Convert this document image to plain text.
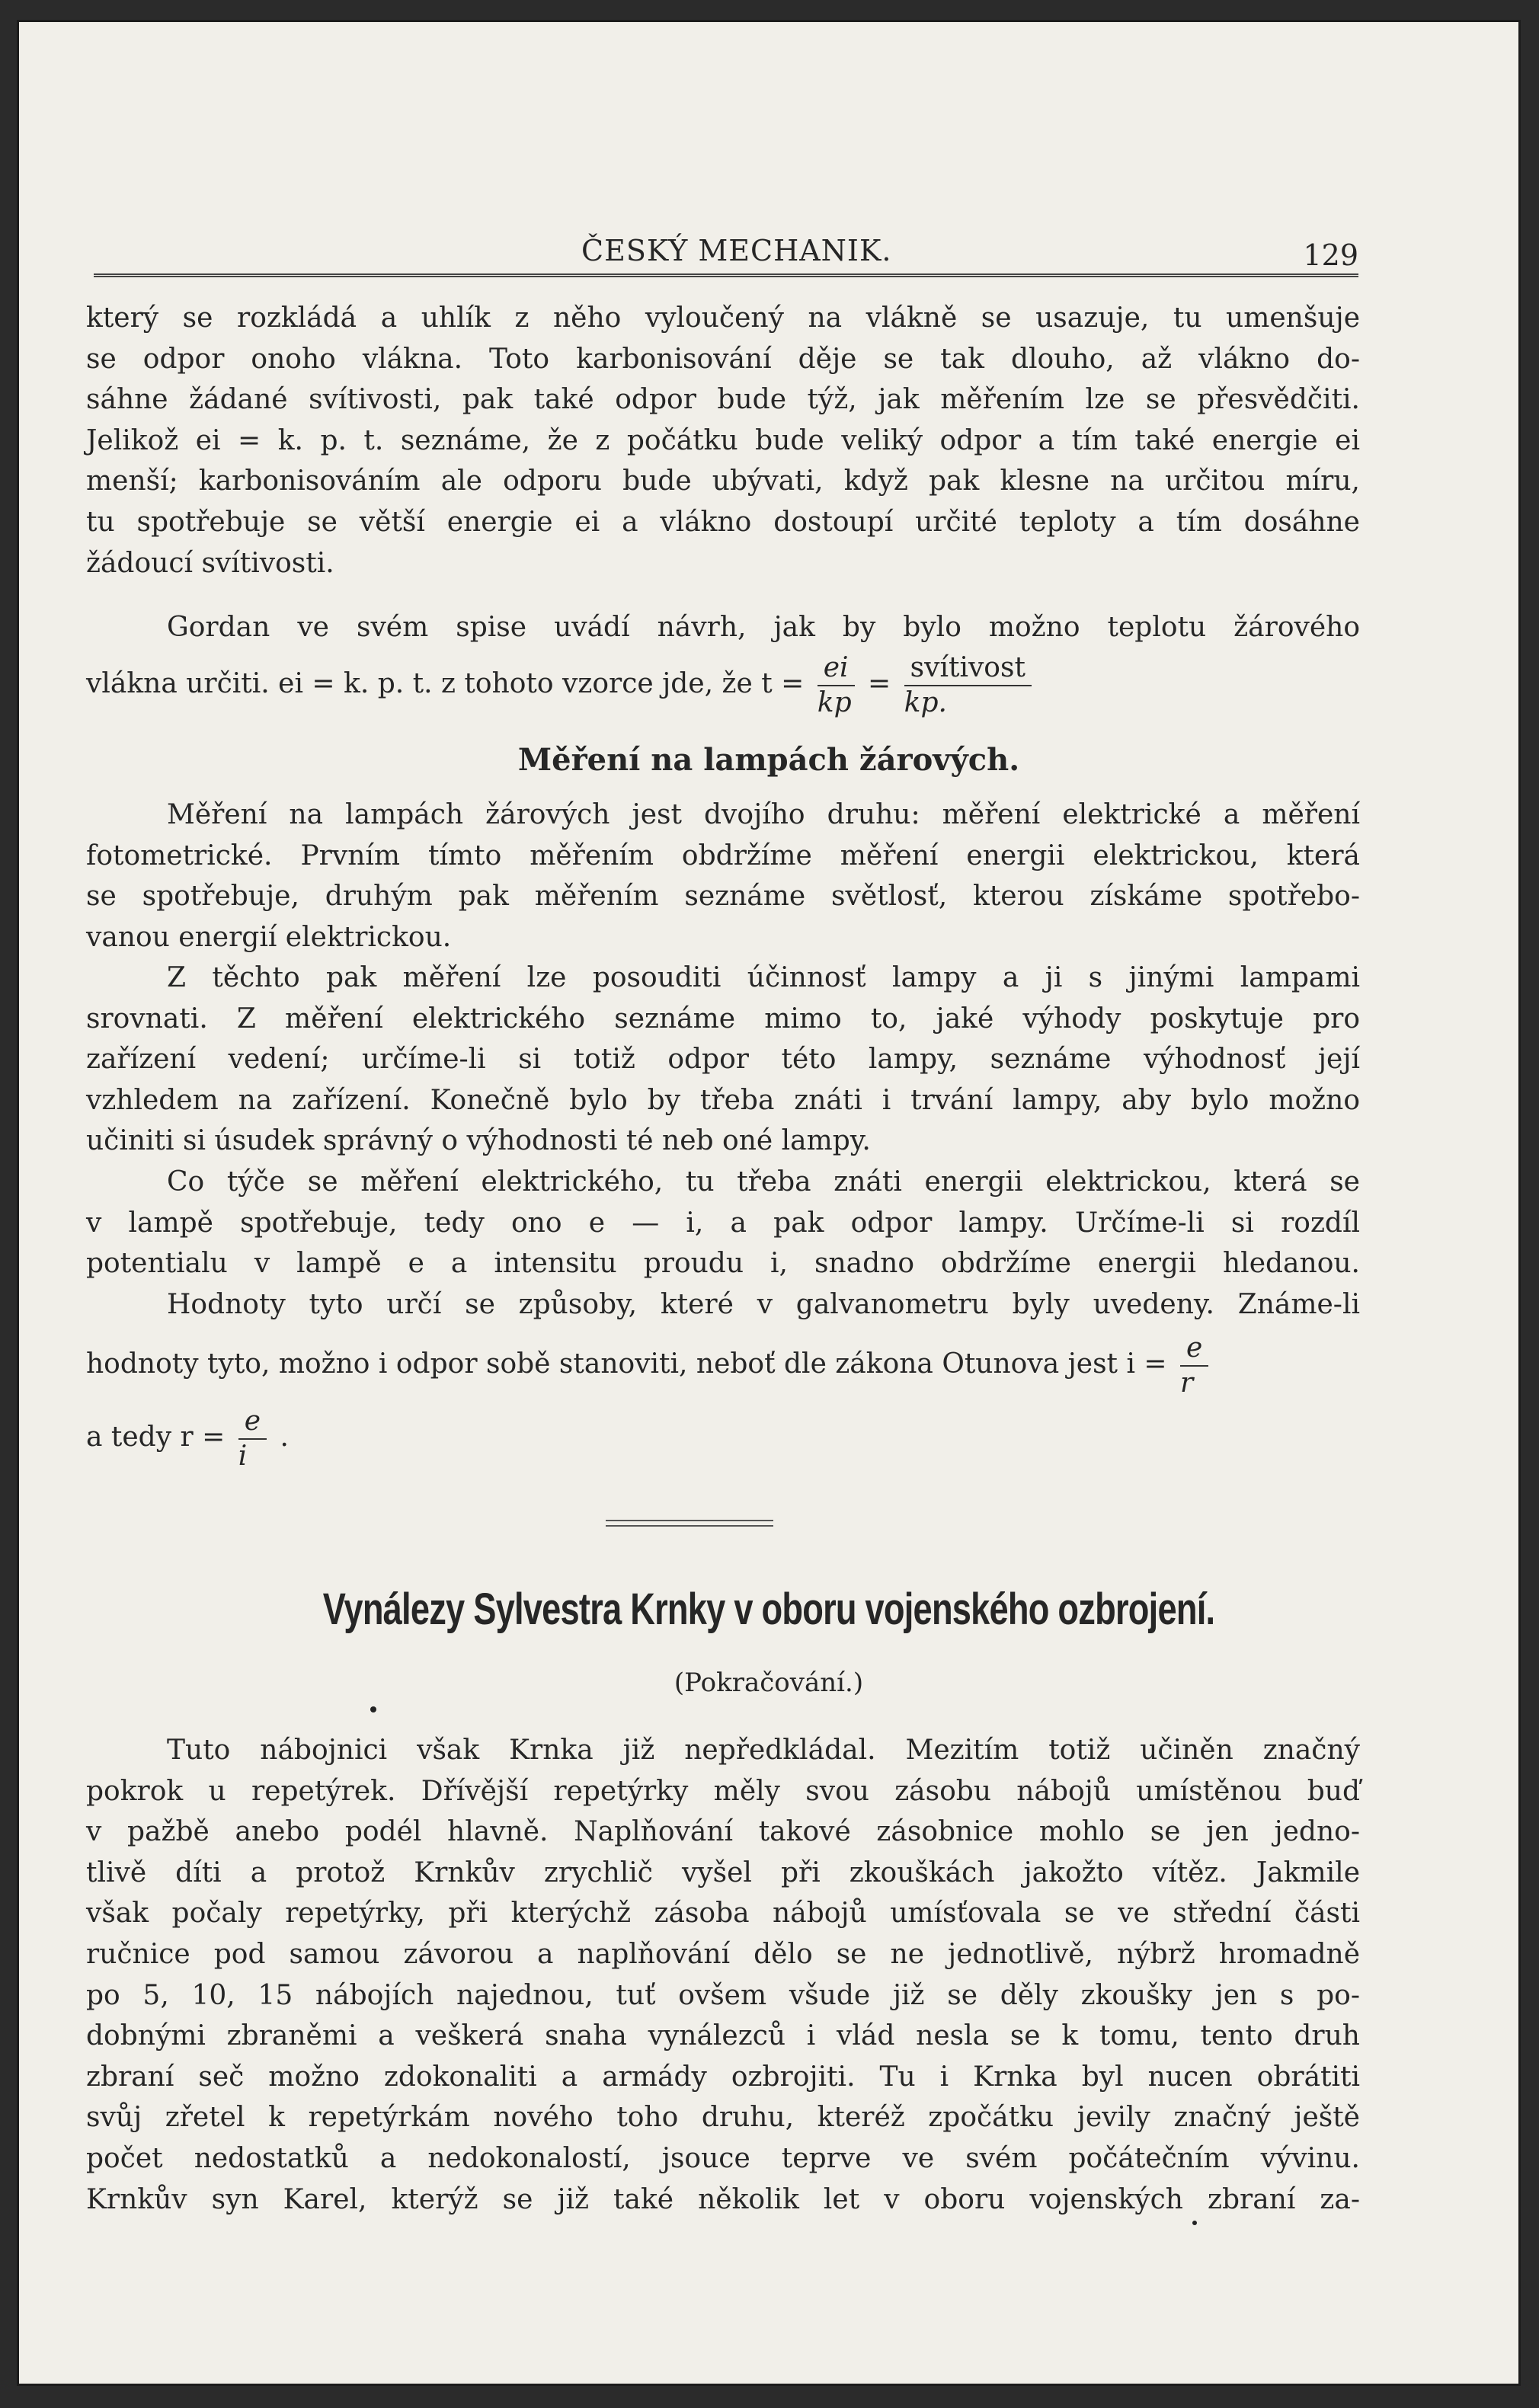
ČESKÝ MECHANIK.	129
který se rozkládá a uhlík z něho vyloučený na vlákně se usazuje, tu umenšuje
se odpor onoho vlákna. Toto karbonisování děje se tak dlouho, až vlákno do-
sáhne žádané svítivosti, pak také odpor bude týž, jak měřením lze se přesvědčiti.
Jelikož ei = k. p. t. seznáme, že z počátku bude veliký odpor a tím také energie ei
menší; karbonisováním ale odporu bude ubývati, když pak klesne na určitou míru,
tu spotřebuje se větší energie ei a vlákno dostoupí určité teploty a tím dosáhne
žádoucí svítivosti.
Gordan ve svém spise uvádí návrh, jak by bylo možno teplotu žárového
vlákna určiti. ei = k. p. t. z tohoto vzorce jde, že $t = \frac{ei}{kp} = \frac{\text{svítivost}}{kp.}$
Měření na lampách žárových.
Měření na lampách žárových jest dvojího druhu: měření elektrické a měření
fotometrické. Prvním tímto měřením obdržíme měření energii elektrickou, která
se spotřebuje, druhým pak měřením seznáme světlosť, kterou získáme spotřebo-
vanou energií elektrickou.
Z těchto pak měření lze posouditi účinnosť lampy a ji s jinými lampami
srovnati. Z měření elektrického seznáme mimo to, jaké výhody poskytuje pro
zařízení vedení; určíme-li si totiž odpor této lampy, seznáme výhodnosť její
vzhledem na zařízení. Konečně bylo by třeba znáti i trvání lampy, aby bylo možno
učiniti si úsudek správný o výhodnosti té neb oné lampy.
Co týče se měření elektrického, tu třeba znáti energii elektrickou, která se
v lampě spotřebuje, tedy ono e — i, a pak odpor lampy. Určíme-li si rozdíl
potentialu v lampě e a intensitu proudu i, snadno obdržíme energii hledanou.
Hodnoty tyto určí se způsoby, které v galvanometru byly uvedeny. Známe-li
hodnoty tyto, možno i odpor sobě stanoviti, neboť dle zákona Otunova jest $i = \frac{e}{r}$
a tedy $r = \frac{e}{i}$ .
Vynálezy Sylvestra Krnky v oboru vojenského ozbrojení.
(Pokračování.)
Tuto nábojnici však Krnka již nepředkládal. Mezitím totiž učiněn značný
pokrok u repetýrek. Dřívější repetýrky měly svou zásobu nábojů umístěnou buď
v pažbě anebo podél hlavně. Naplňování takové zásobnice mohlo se jen jedno-
tlivě díti a protož Krnkův zrychlič vyšel při zkouškách jakožto vítěz. Jakmile
však počaly repetýrky, při kterýchž zásoba nábojů umísťovala se ve střední části
ručnice pod samou závorou a naplňování dělo se ne jednotlivě, nýbrž hromadně
po 5, 10, 15 nábojích najednou, tuť ovšem všude již se děly zkoušky jen s po-
dobnými zbraněmi a veškerá snaha vynálezců i vlád nesla se k tomu, tento druh
zbraní seč možno zdokonaliti a armády ozbrojiti. Tu i Krnka byl nucen obrátiti
svůj zřetel k repetýrkám nového toho druhu, kteréž zpočátku jevily značný ještě
počet nedostatků a nedokonalostí, jsouce teprve ve svém počátečním vývinu.
Krnkův syn Karel, kterýž se již také několik let v oboru vojenských zbraní za-
